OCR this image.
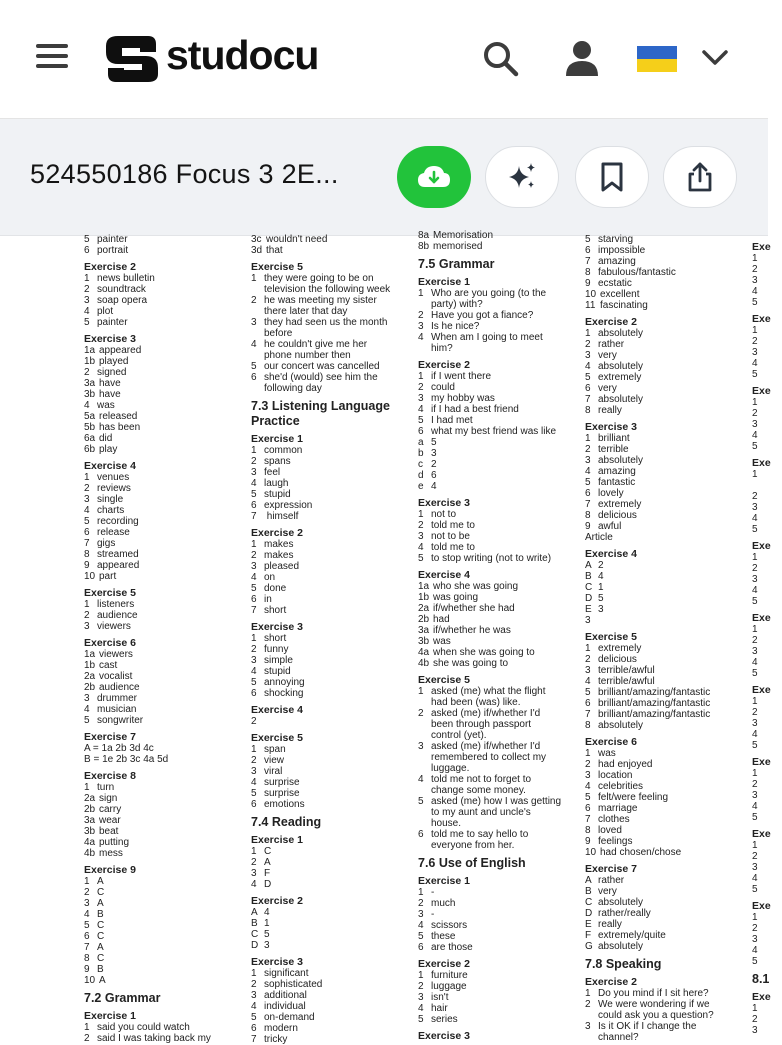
studocu
524550186 Focus 3 2E...
5 painter
6 portrait
Exercise 2
1 news bulletin
2 soundtrack
3 soap opera
4 plot
5 painter
Exercise 3
1a appeared
1b played
2 signed
3a have
3b have
4 was
5a released
5b has been
6a did
6b play
Exercise 4
1 venues
2 reviews
3 single
4 charts
5 recording
6 release
7 gigs
8 streamed
9 appeared
10 part
Exercise 5
1 listeners
2 audience
3 viewers
Exercise 6
1a viewers
1b cast
2a vocalist
2b audience
3 drummer
4 musician
5 songwriter
Exercise 7
A = 1a 2b 3d 4c
B = 1e 2b 3c 4a 5d
Exercise 8
1 turn
2a sign
2b carry
3a wear
3b beat
4a putting
4b mess
Exercise 9
1 A
2 C
3 A
4 B
5 C
6 C
7 A
8 C
9 B
10 A
7.2 Grammar
Exercise 1
1 said you could watch
2 said I was taking back my
3c wouldn't need
3d that
Exercise 5
1 they were going to be on
television the following week
2 he was meeting my sister
there later that day
3 they had seen us the month
before
4 he couldn't give me her
phone number then
5 our concert was cancelled
6 she'd (would) see him the
following day
7.3 Listening Language
Practice
Exercise 1
1 common
2 spans
3 feel
4 laugh
5 stupid
6 expression
7 himself
Exercise 2
1 makes
2 makes
3 pleased
4 on
5 done
6 in
7 short
Exercise 3
1 short
2 funny
3 simple
4 stupid
5 annoying
6 shocking
Exercise 4
2
Exercise 5
1 span
2 view
3 viral
4 surprise
5 surprise
6 emotions
7.4 Reading
Exercise 1
1 C
2 A
3 F
4 D
Exercise 2
A 4
B 1
C 5
D 3
Exercise 3
1 significant
2 sophisticated
3 additional
4 individual
5 on-demand
6 modern
7 tricky
8a Memorisation
8b memorised
7.5 Grammar
Exercise 1
1 Who are you going (to the
party) with?
2 Have you got a fiance?
3 Is he nice?
4 When am I going to meet
him?
Exercise 2
1 if I went there
2 could
3 my hobby was
4 if I had a best friend
5 I had met
6 what my best friend was like
a 5
b 3
c 2
d 6
e 4
Exercise 3
1 not to
2 told me to
3 not to be
4 told me to
5 to stop writing (not to write)
Exercise 4
1a who she was going
1b was going
2a if/whether she had
2b had
3a if/whether he was
3b was
4a when she was going to
4b she was going to
Exercise 5
1 asked (me) what the flight
had been (was) like.
2 asked (me) if/whether I'd
been through passport
control (yet).
3 asked (me) if/whether I'd
remembered to collect my
luggage.
4 told me not to forget to
change some money.
5 asked (me) how I was getting
to my aunt and uncle's
house.
6 told me to say hello to
everyone from her.
7.6 Use of English
Exercise 1
1 -
2 much
3 -
4 scissors
5 these
6 are those
Exercise 2
1 furniture
2 luggage
3 isn't
4 hair
5 series
Exercise 3
5 starving
6 impossible
7 amazing
8 fabulous/fantastic
9 ecstatic
10 excellent
11 fascinating
Exercise 2
1 absolutely
2 rather
3 very
4 absolutely
5 extremely
6 very
7 absolutely
8 really
Exercise 3
1 brilliant
2 terrible
3 absolutely
4 amazing
5 fantastic
6 lovely
7 extremely
8 delicious
9 awful
Article
Exercise 4
A 2
B 4
C 1
D 5
E 3
3
Exercise 5
1 extremely
2 delicious
3 terrible/awful
4 terrible/awful
5 brilliant/amazing/fantastic
6 brilliant/amazing/fantastic
7 brilliant/amazing/fantastic
8 absolutely
Exercise 6
1 was
2 had enjoyed
3 location
4 celebrities
5 felt/were feeling
6 marriage
7 clothes
8 loved
9 feelings
10 had chosen/chose
Exercise 7
A rather
B very
C absolutely
D rather/really
E really
F extremely/quite
G absolutely
7.8 Speaking
Exercise 2
1 Do you mind if I sit here?
2 We were wondering if we
could ask you a question?
3 Is it OK if I change the
channel?
Exe
1
2
3
4
5
Exe
1
2
3
4
5
Exe
1
2
3
4
5
Exe
1

2
3
4
5
Exe
1
2
3
4
5
Exe
1
2
3
4
5
Exe
1
2
3
4
5
Exe
1
2
3
4
5
Exe
1
2
3
4
5
Exe
1
2
3
4
5
8.1
Exe
1
2
3
